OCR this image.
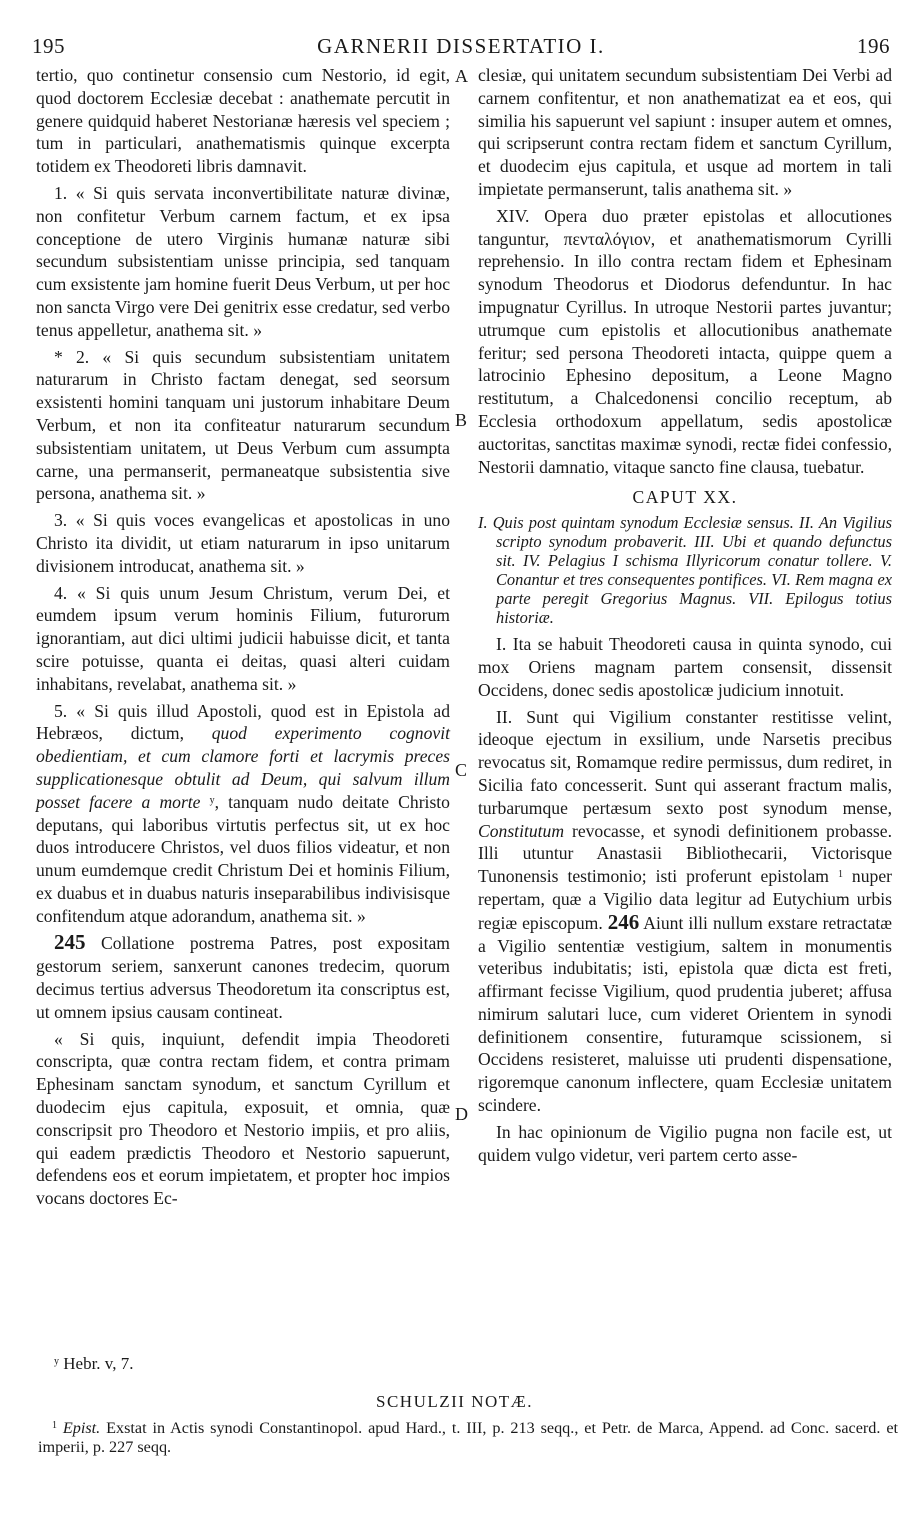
195	GARNERII DISSERTATIO I.	196

tertio, quo continetur consensio cum Nestorio, id egit, quod doctorem Ecclesiæ decebat : anathemate percutit in genere quidquid haberet Nestorianæ hæresis vel speciem ; tum in particulari, anathematismis quinque excerpta totidem ex Theodoreti libris damnavit.

1. « Si quis servata inconvertibilitate naturæ divinæ, non confitetur Verbum carnem factum, et ex ipsa conceptione de utero Virginis humanæ naturæ sibi secundum subsistentiam unisse principia, sed tanquam cum exsistente jam homine fuerit Deus Verbum, ut per hoc non sancta Virgo vere Dei genitrix esse credatur, sed verbo tenus appelletur, anathema sit. »

* 2. « Si quis secundum subsistentiam unitatem naturarum in Christo factam denegat, sed seorsum exsistenti homini tanquam uni justorum inhabitare Deum Verbum, et non ita confiteatur naturarum secundum subsistentiam unitatem, ut Deus Verbum cum assumpta carne, una permanserit, permaneatque subsistentia sive persona, anathema sit. »

3. « Si quis voces evangelicas et apostolicas in uno Christo ita dividit, ut etiam naturarum in ipso unitarum divisionem introducat, anathema sit. »

4. « Si quis unum Jesum Christum, verum Dei, et eumdem ipsum verum hominis Filium, futurorum ignorantiam, aut dici ultimi judicii habuisse dicit, et tanta scire potuisse, quanta ei deitas, quasi alteri cuidam inhabitans, revelabat, anathema sit. »

5. « Si quis illud Apostoli, quod est in Epistola ad Hebræos, dictum, quod experimento cognovit obedientiam, et cum clamore forti et lacrymis preces supplicationesque obtulit ad Deum, qui salvum illum posset facere a morte $^y$, tanquam nudo deitate Christo deputans, qui laboribus virtutis perfectus sit, ut ex hoc duos introducere Christos, vel duos filios videatur, et non unum eumdemque credit Christum Dei et hominis Filium, ex duabus et in duabus naturis inseparabilibus indivisisque confitendum atque adorandum, anathema sit. »

245 Collatione postrema Patres, post expositam gestorum seriem, sanxerunt canones tredecim, quorum decimus tertius adversus Theodoretum ita conscriptus est, ut omnem ipsius causam contineat.

« Si quis, inquiunt, defendit impia Theodoreti conscripta, quæ contra rectam fidem, et contra primam Ephesinam sanctam synodum, et sanctum Cyrillum et duodecim ejus capitula, exposuit, et omnia, quæ conscripsit pro Theodoro et Nestorio impiis, et pro aliis, qui eadem prædictis Theodoro et Nestorio sapuerunt, defendens eos et eorum impietatem, et propter hoc impios vocans doctores Ec-

clesiæ, qui unitatem secundum subsistentiam Dei Verbi ad carnem confitentur, et non anathematizat ea et eos, qui similia his sapuerunt vel sapiunt : insuper autem et omnes, qui scripserunt contra rectam fidem et sanctum Cyrillum, et duodecim ejus capitula, et usque ad mortem in tali impietate permanserunt, talis anathema sit. »

XIV. Opera duo præter epistolas et allocutiones tanguntur, πενταλόγιον, et anathematismorum Cyrilli reprehensio. In illo contra rectam fidem et Ephesinam synodum Theodorus et Diodorus defenduntur. In hac impugnatur Cyrillus. In utroque Nestorii partes juvantur; utrumque cum epistolis et allocutionibus anathemate feritur; sed persona Theodoreti intacta, quippe quem a latrocinio Ephesino depositum, a Leone Magno restitutum, a Chalcedonensi concilio receptum, ab Ecclesia orthodoxum appellatum, sedis apostolicæ auctoritas, sanctitas maximæ synodi, rectæ fidei confessio, Nestorii damnatio, vitaque sancto fine clausa, tuebatur.

CAPUT XX.
I. Quis post quintam synodum Ecclesiæ sensus. II. An Vigilius scripto synodum probaverit. III. Ubi et quando defunctus sit. IV. Pelagius I schisma Illyricorum conatur tollere. V. Conantur et tres consequentes pontifices. VI. Rem magna ex parte peregit Gregorius Magnus. VII. Epilogus totius historiæ.

I. Ita se habuit Theodoreti causa in quinta synodo, cui mox Oriens magnam partem consensit, dissensit Occidens, donec sedis apostolicæ judicium innotuit.

II. Sunt qui Vigilium constanter restitisse velint, ideoque ejectum in exsilium, unde Narsetis precibus revocatus sit, Romamque redire permissus, dum rediret, in Sicilia fato concesserit. Sunt qui asserant fractum malis, turbarumque pertæsum sexto post synodum mense, Constitutum revocasse, et synodi definitionem probasse. Illi utuntur Anastasii Bibliothecarii, Victorisque Tunonensis testimonio; isti proferunt epistolam $^1$ nuper repertam, quæ a Vigilio data legitur ad Eutychium urbis regiæ episcopum. 246 Aiunt illi nullum exstare retractatæ a Vigilio sententiæ vestigium, saltem in monumentis veteribus indubitatis; isti, epistola quæ dicta est freti, affirmant fecisse Vigilium, quod prudentia juberet; affusa nimirum salutari luce, cum videret Orientem in synodi definitionem consentire, futuramque scissionem, si Occidens resisteret, maluisse uti prudenti dispensatione, rigoremque canonum inflectere, quam Ecclesiæ unitatem scindere.

In hac opinionum de Vigilio pugna non facile est, ut quidem vulgo videtur, veri partem certo asse-

A
B
C
D
$^y$ Hebr. v, 7.
SCHULZII NOTÆ.
$^1$ Epist. Exstat in Actis synodi Constantinopol. apud Hard., t. III, p. 213 seqq., et Petr. de Marca, Append. ad Conc. sacerd. et imperii, p. 227 seqq.
